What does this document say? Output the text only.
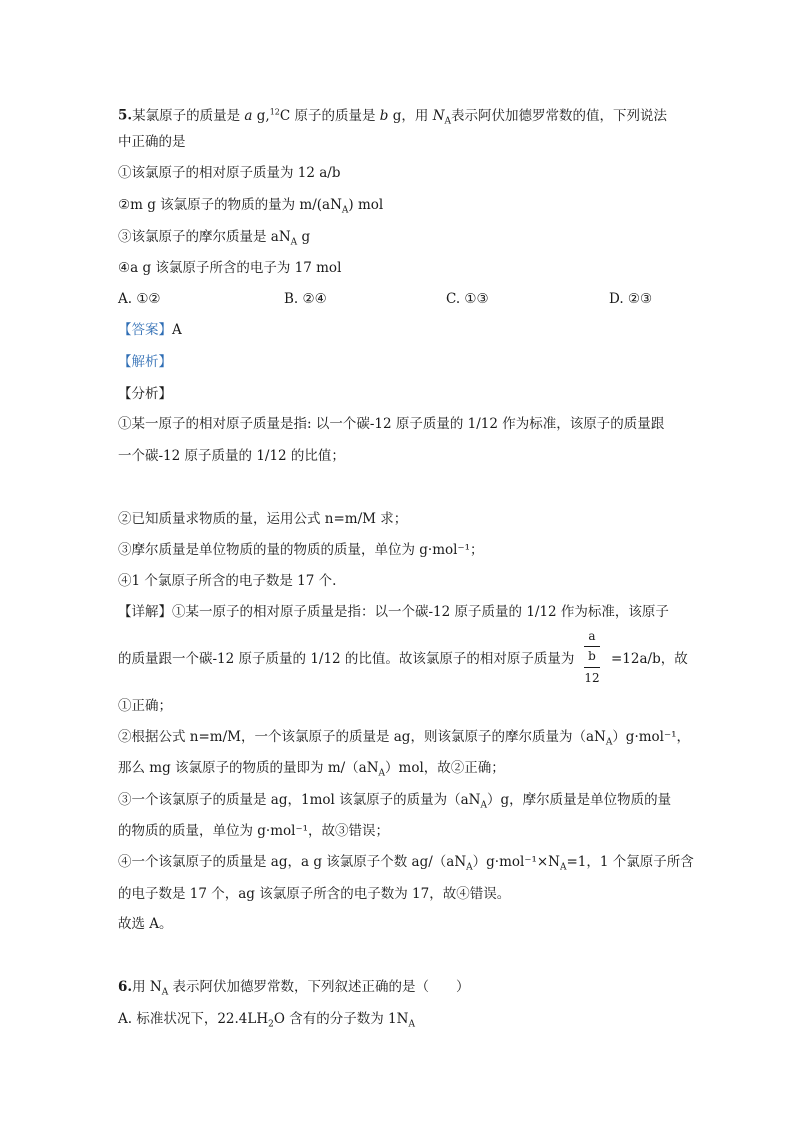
5.某氯原子的质量是 a g,$^{12}$C 原子的质量是 b g，用 $N_A$表示阿伏加德罗常数的值，下列说法
中正确的是
①该氯原子的相对原子质量为 12 a/b
②m g 该氯原子的物质的量为 $m/(aN_A)$ mol
③该氯原子的摩尔质量是 $aN_A$ g
④a g 该氯原子所含的电子为 17 mol
A. ①②	B. ②④	C. ①③	D. ②③
【答案】A
【解析】
【分析】
①某一原子的相对原子质量是指: 以一个碳-12 原子质量的 1/12 作为标准，该原子的质量跟
一个碳-12 原子质量的 1/12 的比值；
②已知质量求物质的量，运用公式 n=m/M 求；
③摩尔质量是单位物质的量的物质的质量，单位为 g·mol⁻¹；
④1 个氯原子所含的电子数是 17 个.
【详解】①某一原子的相对原子质量是指：以一个碳-12 原子质量的 1/12 作为标准，该原子
的质量跟一个碳-12 原子质量的 1/12 的比值。故该氯原子的相对原子质量为
a
b
12
=12a/b，故
①正确；
②根据公式 n=m/M，一个该氯原子的质量是 ag，则该氯原子的摩尔质量为$(aN_A)g\cdot mol^{-1}$，
那么 mg 该氯原子的物质的量即为 $m/(aN_A)mol$，故②正确；
③一个该氯原子的质量是 ag，1mol 该氯原子的质量为$(aN_A)g$，摩尔质量是单位物质的量
的物质的质量，单位为 g·mol⁻¹，故③错误；
④一个该氯原子的质量是 ag，a g 该氯原子个数 $ag/(aN_A)g\cdot mol^{-1}\times N_A=1$，1 个氯原子所含
的电子数是 17 个，ag 该氯原子所含的电子数为 17，故④错误。
故选 A。
6.用 $N_A$ 表示阿伏加德罗常数，下列叙述正确的是（　　）
A. 标准状况下，$22.4LH_2O$ 含有的分子数为 $1N_A$
